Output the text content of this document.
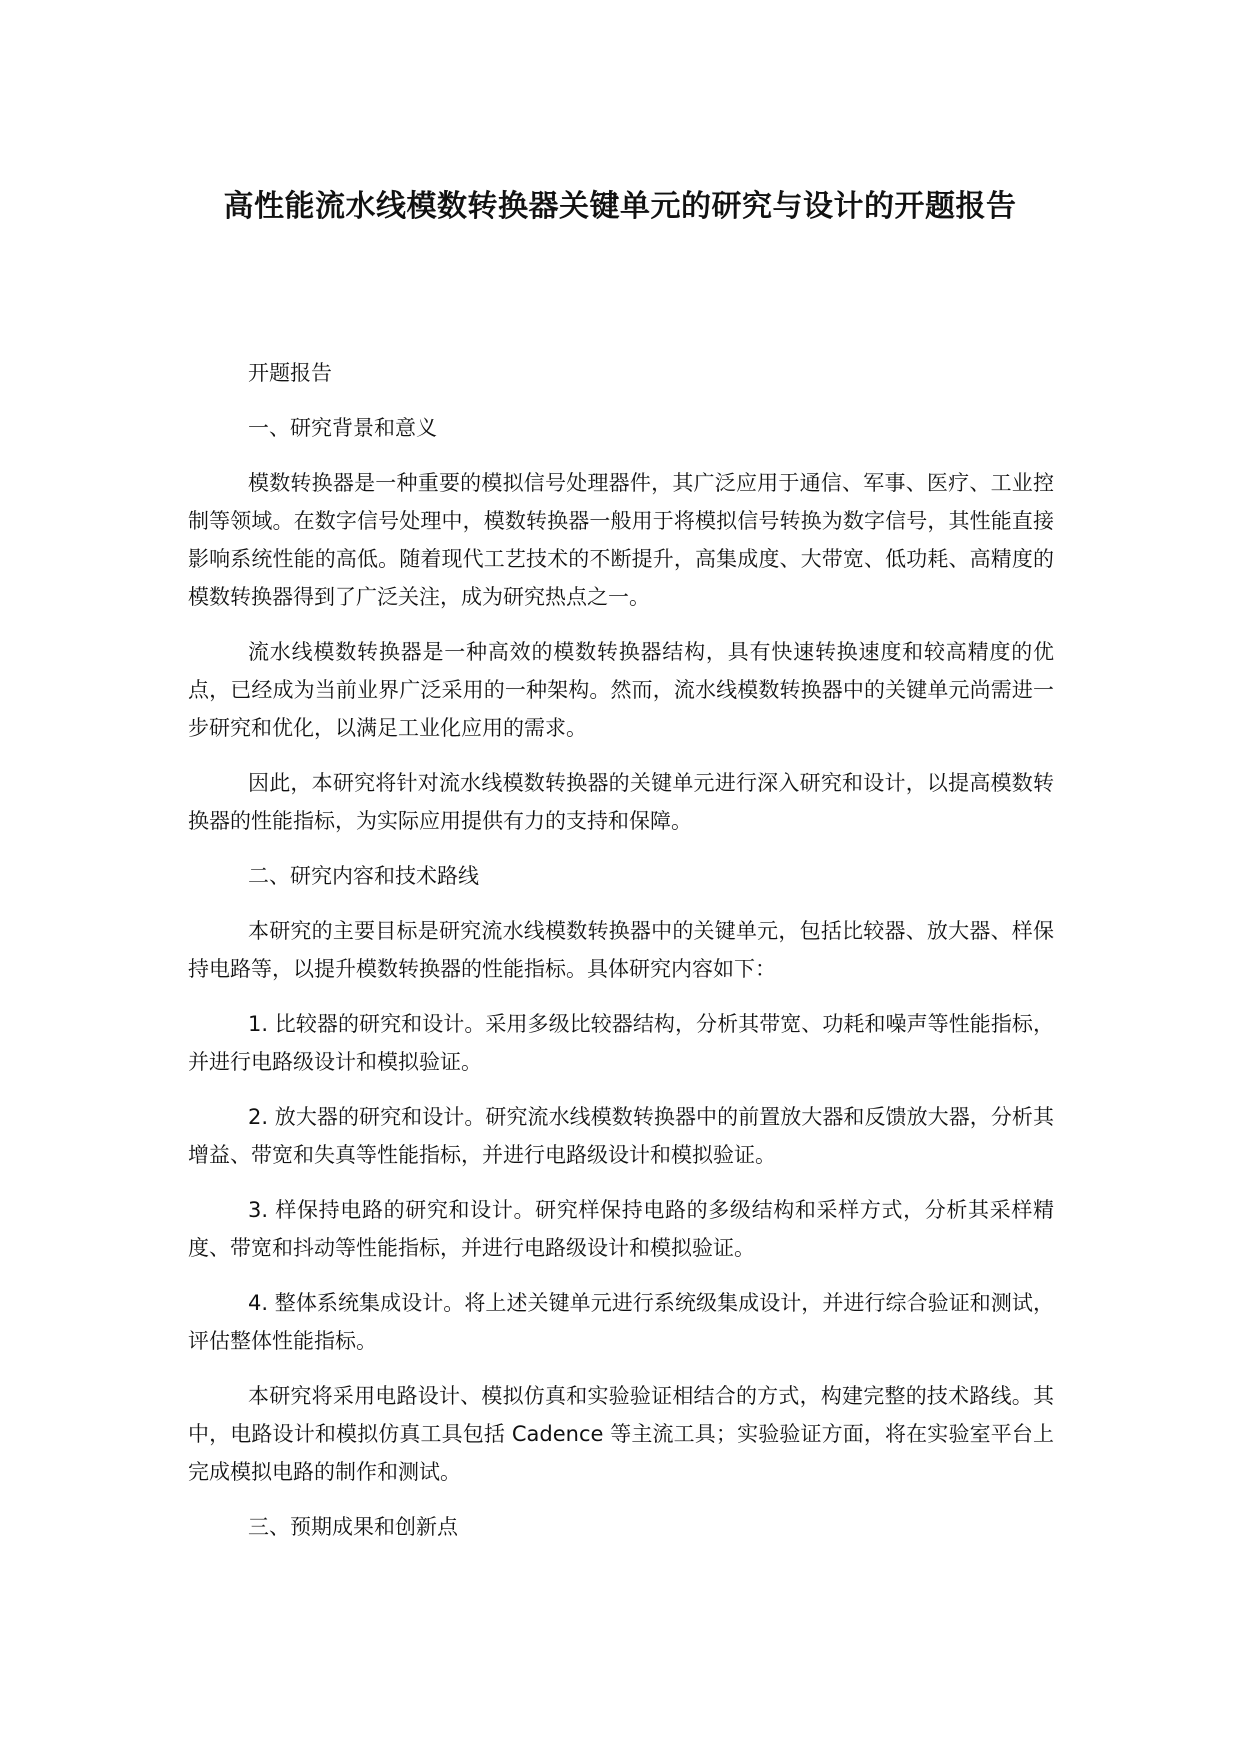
高性能流水线模数转换器关键单元的研究与设计的开题报告

开题报告

一、研究背景和意义

模数转换器是一种重要的模拟信号处理器件，其广泛应用于通信、军事、医疗、工业控制等领域。在数字信号处理中，模数转换器一般用于将模拟信号转换为数字信号，其性能直接影响系统性能的高低。随着现代工艺技术的不断提升，高集成度、大带宽、低功耗、高精度的模数转换器得到了广泛关注，成为研究热点之一。

流水线模数转换器是一种高效的模数转换器结构，具有快速转换速度和较高精度的优点，已经成为当前业界广泛采用的一种架构。然而，流水线模数转换器中的关键单元尚需进一步研究和优化，以满足工业化应用的需求。

因此，本研究将针对流水线模数转换器的关键单元进行深入研究和设计，以提高模数转换器的性能指标，为实际应用提供有力的支持和保障。

二、研究内容和技术路线

本研究的主要目标是研究流水线模数转换器中的关键单元，包括比较器、放大器、样保持电路等，以提升模数转换器的性能指标。具体研究内容如下：

1. 比较器的研究和设计。采用多级比较器结构，分析其带宽、功耗和噪声等性能指标，并进行电路级设计和模拟验证。

2. 放大器的研究和设计。研究流水线模数转换器中的前置放大器和反馈放大器，分析其增益、带宽和失真等性能指标，并进行电路级设计和模拟验证。

3. 样保持电路的研究和设计。研究样保持电路的多级结构和采样方式，分析其采样精度、带宽和抖动等性能指标，并进行电路级设计和模拟验证。

4. 整体系统集成设计。将上述关键单元进行系统级集成设计，并进行综合验证和测试，评估整体性能指标。

本研究将采用电路设计、模拟仿真和实验验证相结合的方式，构建完整的技术路线。其中，电路设计和模拟仿真工具包括 Cadence 等主流工具；实验验证方面，将在实验室平台上完成模拟电路的制作和测试。

三、预期成果和创新点
